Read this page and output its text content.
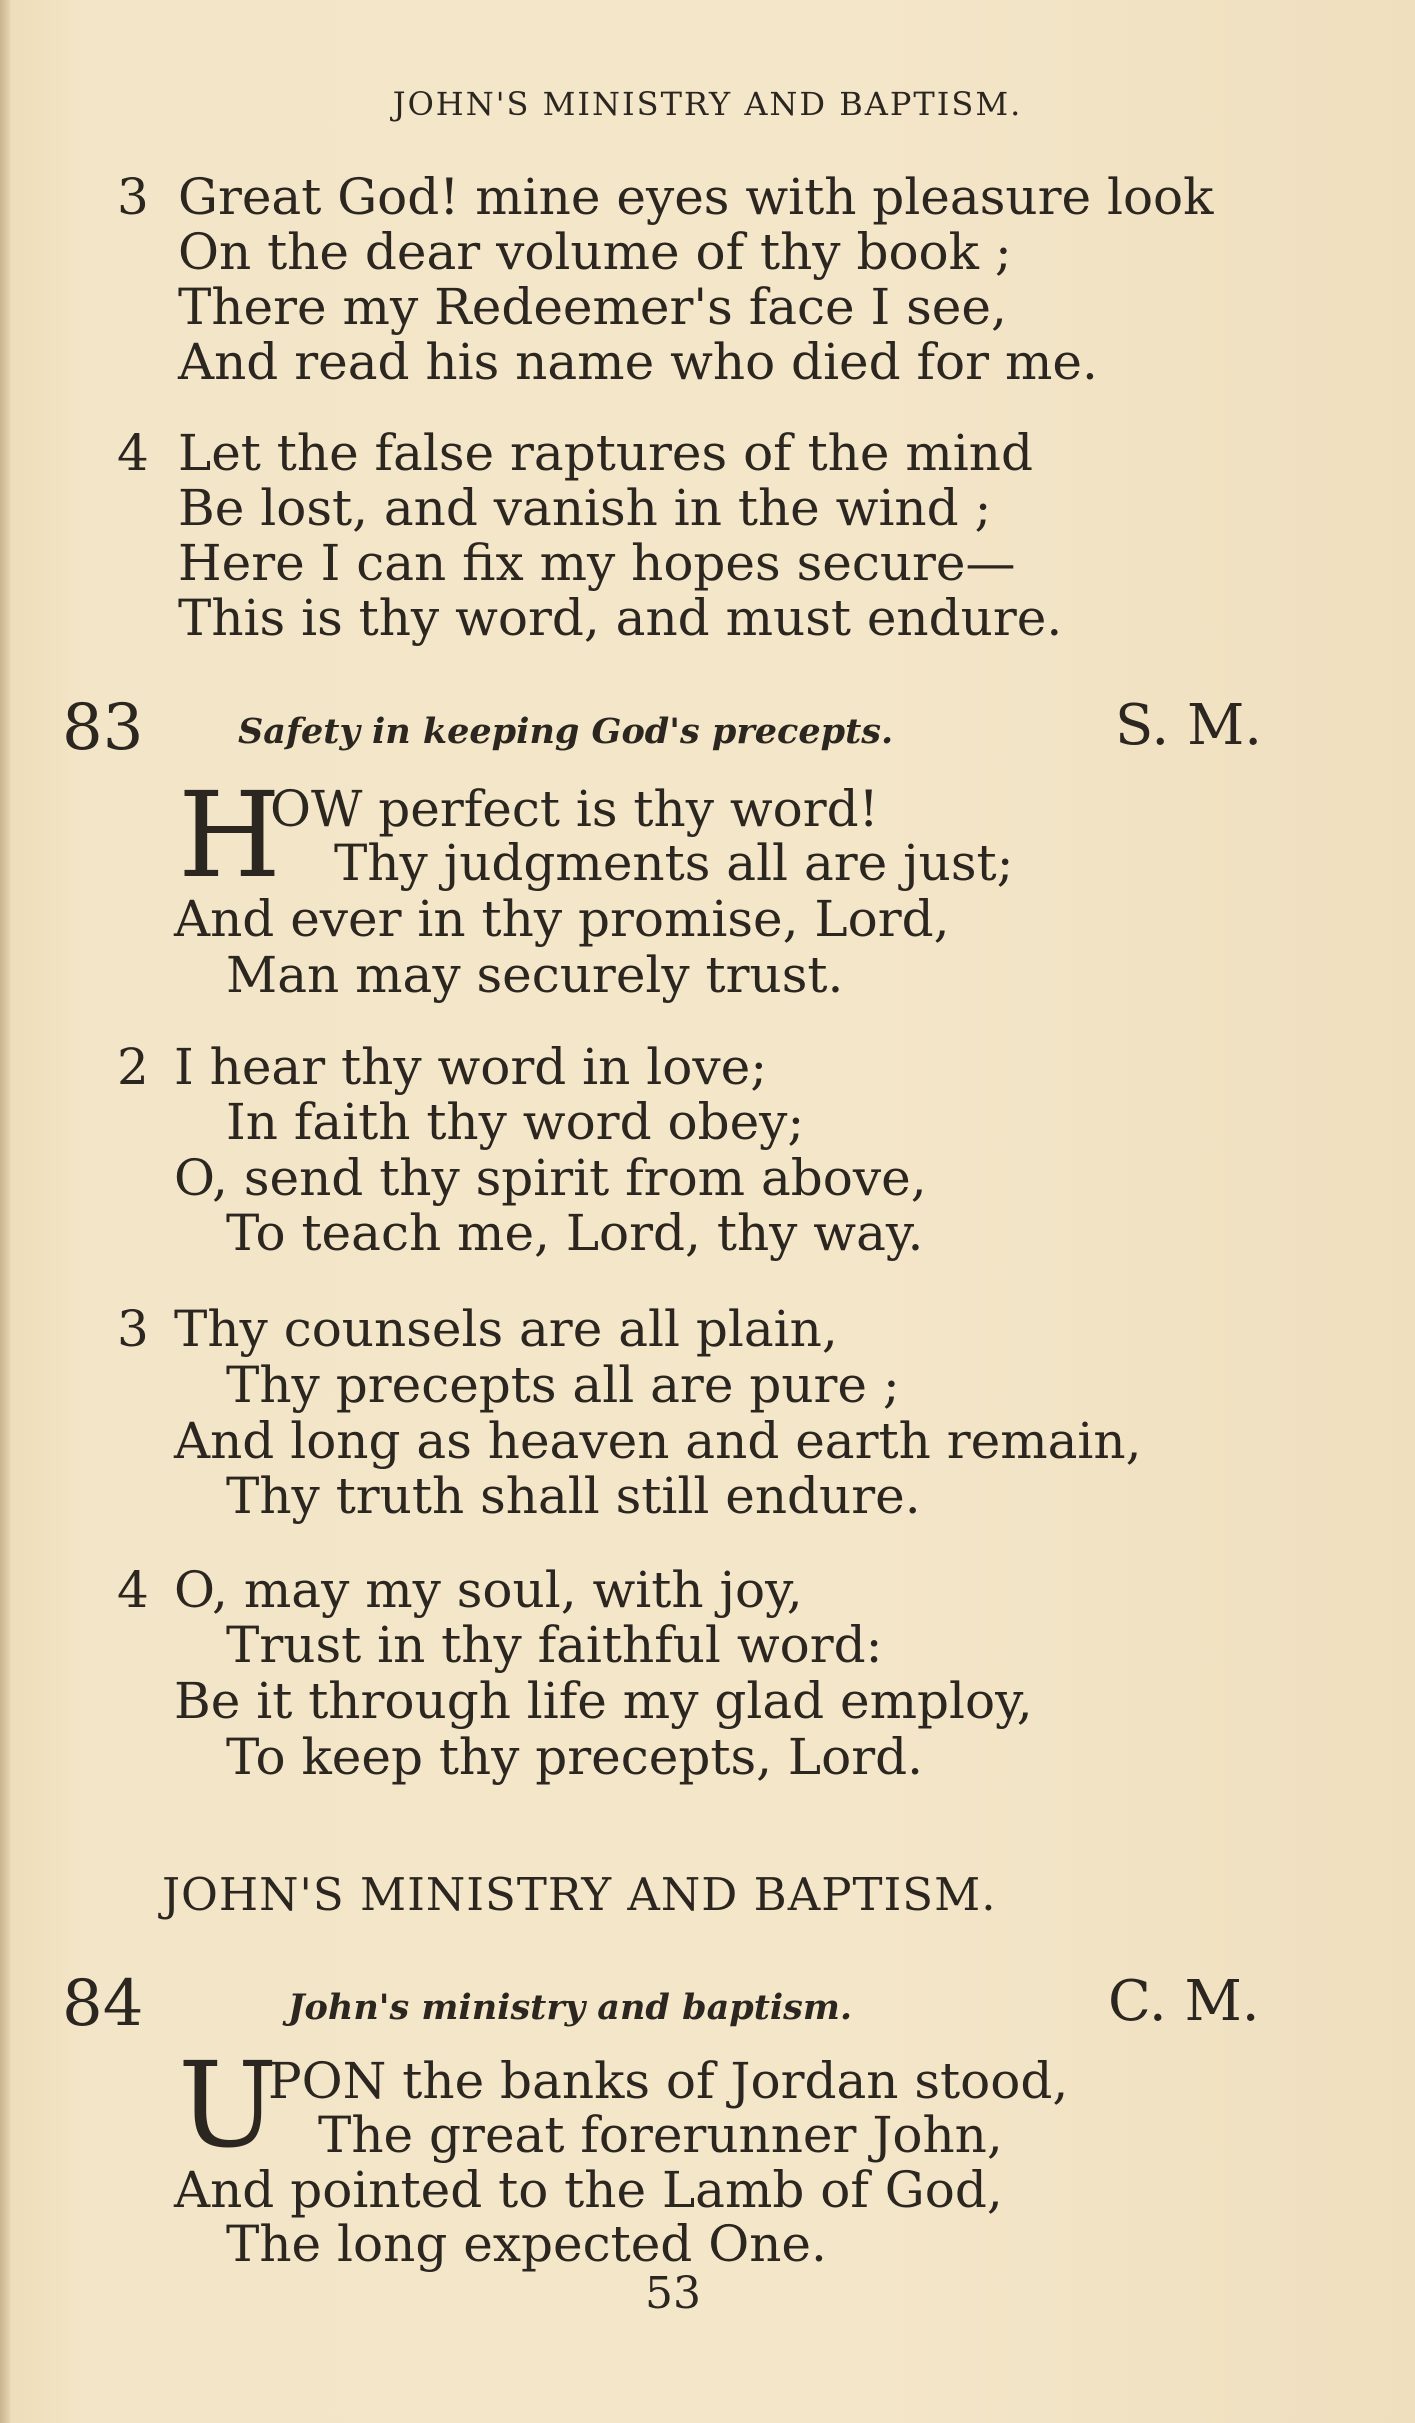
JOHN'S MINISTRY AND BAPTISM.
3 Great God! mine eyes with pleasure look
On the dear volume of thy book ;
There my Redeemer's face I see,
And read his name who died for me.
4 Let the false raptures of the mind
Be lost, and vanish in the wind ;
Here I can fix my hopes secure—
This is thy word, and must endure.
83	Safety in keeping God's precepts.	S. M.
H
OW perfect is thy word!
Thy judgments all are just;
And ever in thy promise, Lord,
Man may securely trust.
2 I hear thy word in love;
In faith thy word obey;
O, send thy spirit from above,
To teach me, Lord, thy way.
3 Thy counsels are all plain,
Thy precepts all are pure ;
And long as heaven and earth remain,
Thy truth shall still endure.
4 O, may my soul, with joy,
Trust in thy faithful word:
Be it through life my glad employ,
To keep thy precepts, Lord.
JOHN'S MINISTRY AND BAPTISM.
84	John's ministry and baptism.	C. M.
U
PON the banks of Jordan stood,
The great forerunner John,
And pointed to the Lamb of God,
The long expected One.
53
